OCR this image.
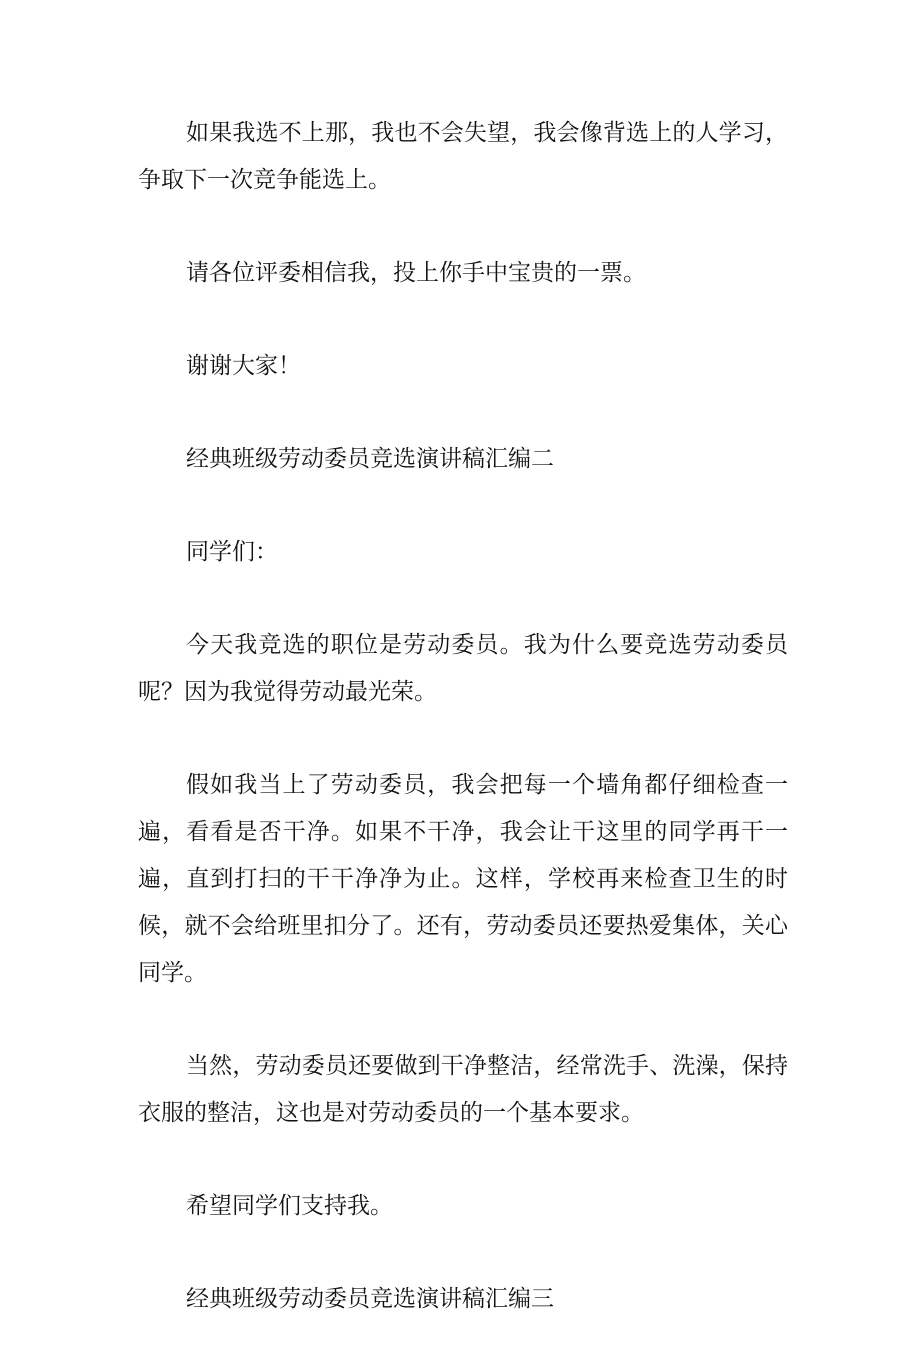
如果我选不上那，我也不会失望，我会像背选上的人学习，争取下一次竞争能选上。

请各位评委相信我，投上你手中宝贵的一票。

谢谢大家！

经典班级劳动委员竞选演讲稿汇编二

同学们：

今天我竞选的职位是劳动委员。我为什么要竞选劳动委员呢？因为我觉得劳动最光荣。

假如我当上了劳动委员，我会把每一个墙角都仔细检查一遍，看看是否干净。如果不干净，我会让干这里的同学再干一遍，直到打扫的干干净净为止。这样，学校再来检查卫生的时候，就不会给班里扣分了。还有，劳动委员还要热爱集体，关心同学。

当然，劳动委员还要做到干净整洁，经常洗手、洗澡，保持衣服的整洁，这也是对劳动委员的一个基本要求。

希望同学们支持我。

经典班级劳动委员竞选演讲稿汇编三
